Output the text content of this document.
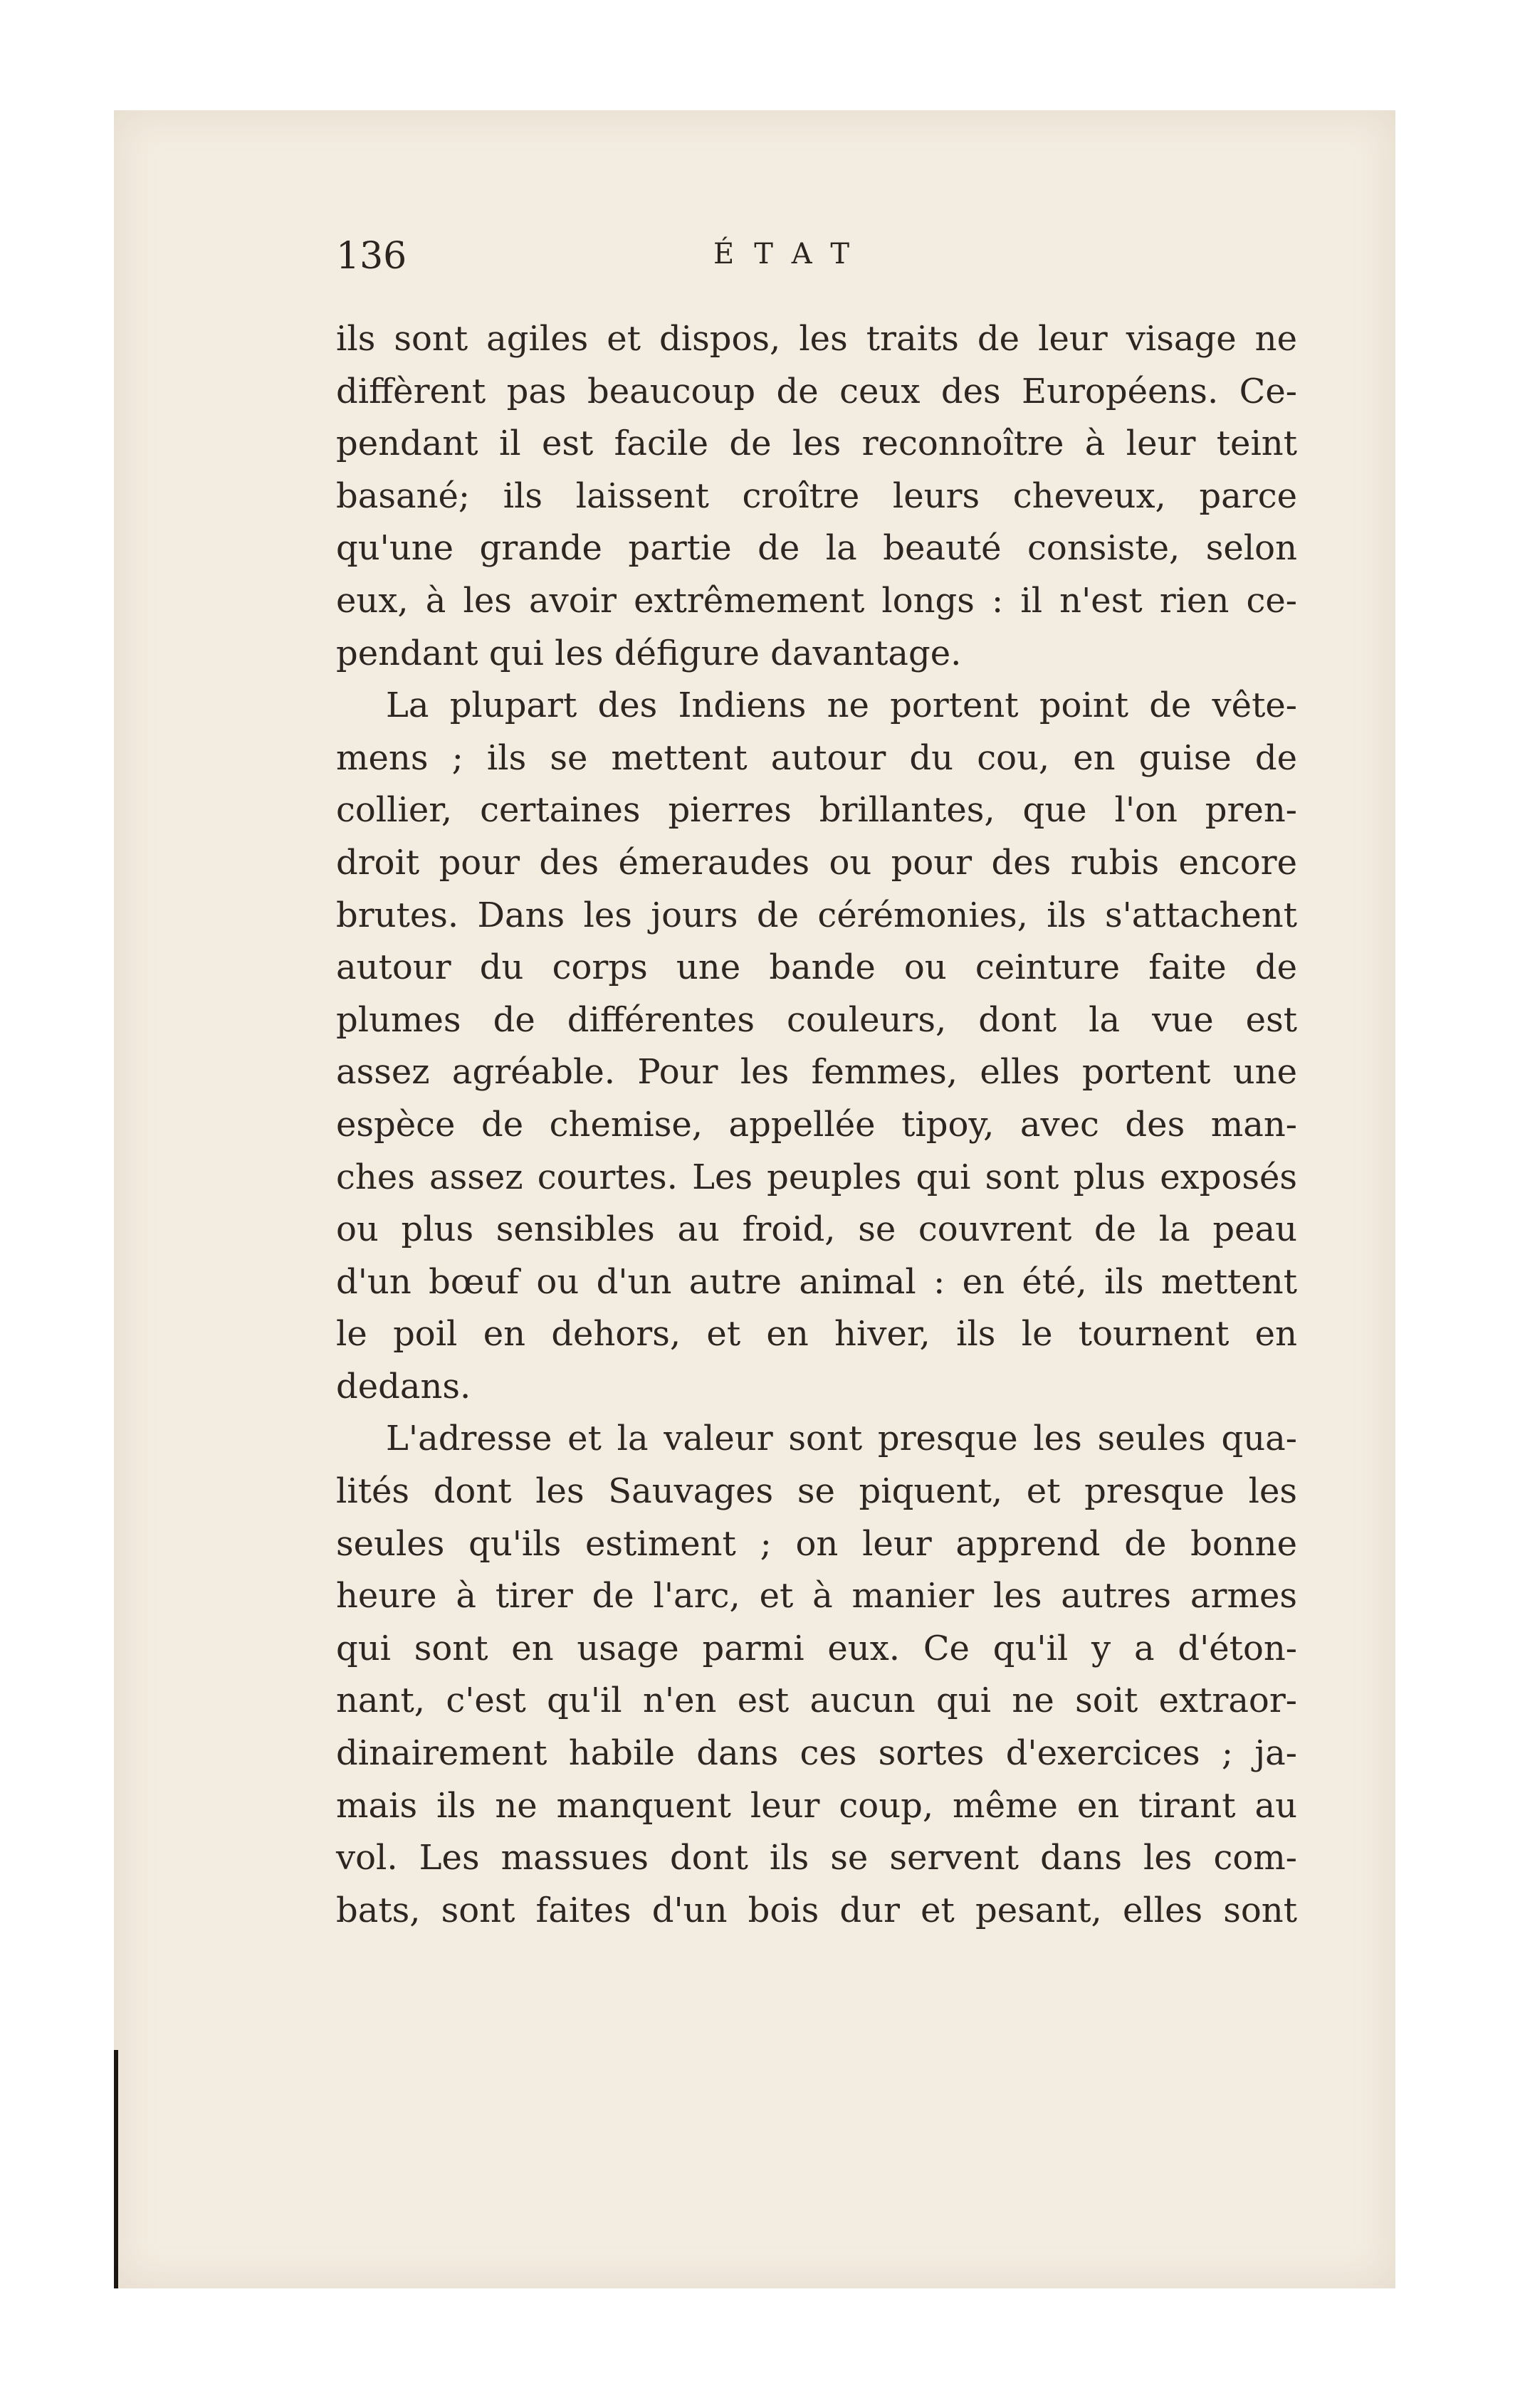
136	ÉTAT
ils sont agiles et dispos, les traits de leur visage ne
diffèrent pas beaucoup de ceux des Européens. Ce-
pendant il est facile de les reconnoître à leur teint
basané; ils laissent croître leurs cheveux, parce
qu'une grande partie de la beauté consiste, selon
eux, à les avoir extrêmement longs : il n'est rien ce-
pendant qui les défigure davantage.
La plupart des Indiens ne portent point de vête-
mens ; ils se mettent autour du cou, en guise de
collier, certaines pierres brillantes, que l'on pren-
droit pour des émeraudes ou pour des rubis encore
brutes. Dans les jours de cérémonies, ils s'attachent
autour du corps une bande ou ceinture faite de
plumes de différentes couleurs, dont la vue est
assez agréable. Pour les femmes, elles portent une
espèce de chemise, appellée tipoy, avec des man-
ches assez courtes. Les peuples qui sont plus exposés
ou plus sensibles au froid, se couvrent de la peau
d'un bœuf ou d'un autre animal : en été, ils mettent
le poil en dehors, et en hiver, ils le tournent en
dedans.
L'adresse et la valeur sont presque les seules qua-
lités dont les Sauvages se piquent, et presque les
seules qu'ils estiment ; on leur apprend de bonne
heure à tirer de l'arc, et à manier les autres armes
qui sont en usage parmi eux. Ce qu'il y a d'éton-
nant, c'est qu'il n'en est aucun qui ne soit extraor-
dinairement habile dans ces sortes d'exercices ; ja-
mais ils ne manquent leur coup, même en tirant au
vol. Les massues dont ils se servent dans les com-
bats, sont faites d'un bois dur et pesant, elles sont
